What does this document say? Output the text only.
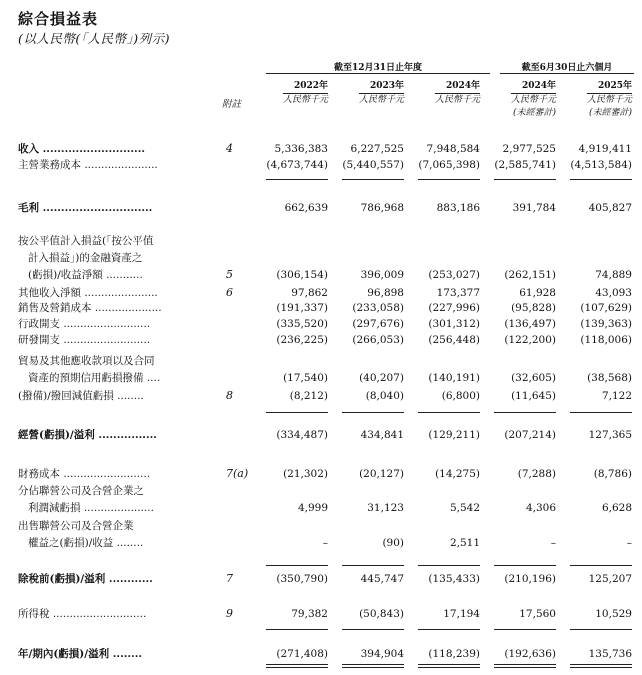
綜合損益表
(以人民幣(「人民幣」)列示)
截至12月31日止年度	截至6月30日止六個月
附註
2022年
人民幣千元
2023年
人民幣千元
2024年
人民幣千元
2024年
人民幣千元
(未經審計)
2025年
人民幣千元
(未經審計)
收入 ............................	4	5,336,383 6,227,525 7,948,584 2,977,525 4,919,411
主營業務成本 ......................	(4,673,744) (5,440,557) (7,065,398) (2,585,741) (4,513,584)
毛利 ..............................	662,639	786,968	883,186	391,784	405,827
按公平值計入損益(「按公平值
計入損益」)的金融資產之
(虧損)/收益淨額 ...........	5	(306,154)	396,009 (253,027) (262,151)	74,889
其他收入淨額 ......................	6	97,862	96,898	173,377	61,928	43,093
銷售及營銷成本 ....................	(191,337) (233,058) (227,996)	(95,828) (107,629)
行政開支 ..........................	(335,520) (297,676) (301,312) (136,497) (139,363)
研發開支 ..........................	(236,225) (266,053) (256,448) (122,200) (118,006)
貿易及其他應收款項以及合同
資產的預期信用虧損撥備 ....	(17,540)	(40,207) (140,191)	(32,605)	(38,568)
(撥備)/撥回減值虧損 ........	8	(8,212)	(8,040)	(6,800)	(11,645)	7,122
經營(虧損)/溢利 ................	(334,487)	434,841 (129,211) (207,214)	127,365
財務成本 ..........................	7(a)	(21,302)	(20,127)	(14,275)	(7,288)	(8,786)
分佔聯營公司及合營企業之
利潤減虧損 .....................	4,999	31,123	5,542	4,306	6,628
出售聯營公司及合營企業
權益之(虧損)/收益 ........	–	(90)	2,511	–	–
除稅前(虧損)/溢利 ............	7	(350,790)	445,747 (135,433) (210,196)	125,207
所得稅 ............................	9	79,382	(50,843)	17,194	17,560	10,529
年/期內(虧損)/溢利 ........	(271,408)	394,904 (118,239) (192,636)	135,736
